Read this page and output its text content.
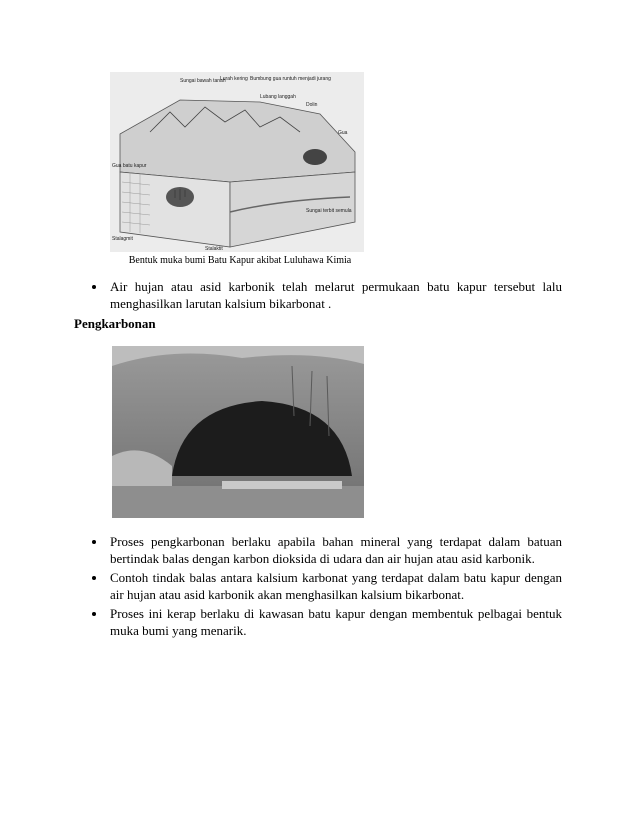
Sungai bawah tanah
Lurah kering Bumbung gua runtuh menjadi jurang
Lubang langgah
Dolin
Gua
Gua batu kapur
Stalagmit
Stalaktit
Sungai terbit semula
Bentuk muka bumi Batu Kapur akibat Luluhawa Kimia
Air hujan atau asid karbonik telah melarut permukaan batu kapur tersebut lalu menghasilkan larutan kalsium bikarbonat .
Pengkarbonan
Proses pengkarbonan berlaku apabila bahan mineral yang terdapat dalam batuan bertindak balas dengan karbon dioksida di udara dan air hujan atau asid karbonik.
Contoh tindak balas antara kalsium karbonat yang terdapat dalam batu kapur dengan air hujan atau asid karbonik akan menghasilkan kalsium bikarbonat.
Proses ini kerap berlaku di kawasan batu kapur dengan membentuk pelbagai bentuk muka bumi yang menarik.
